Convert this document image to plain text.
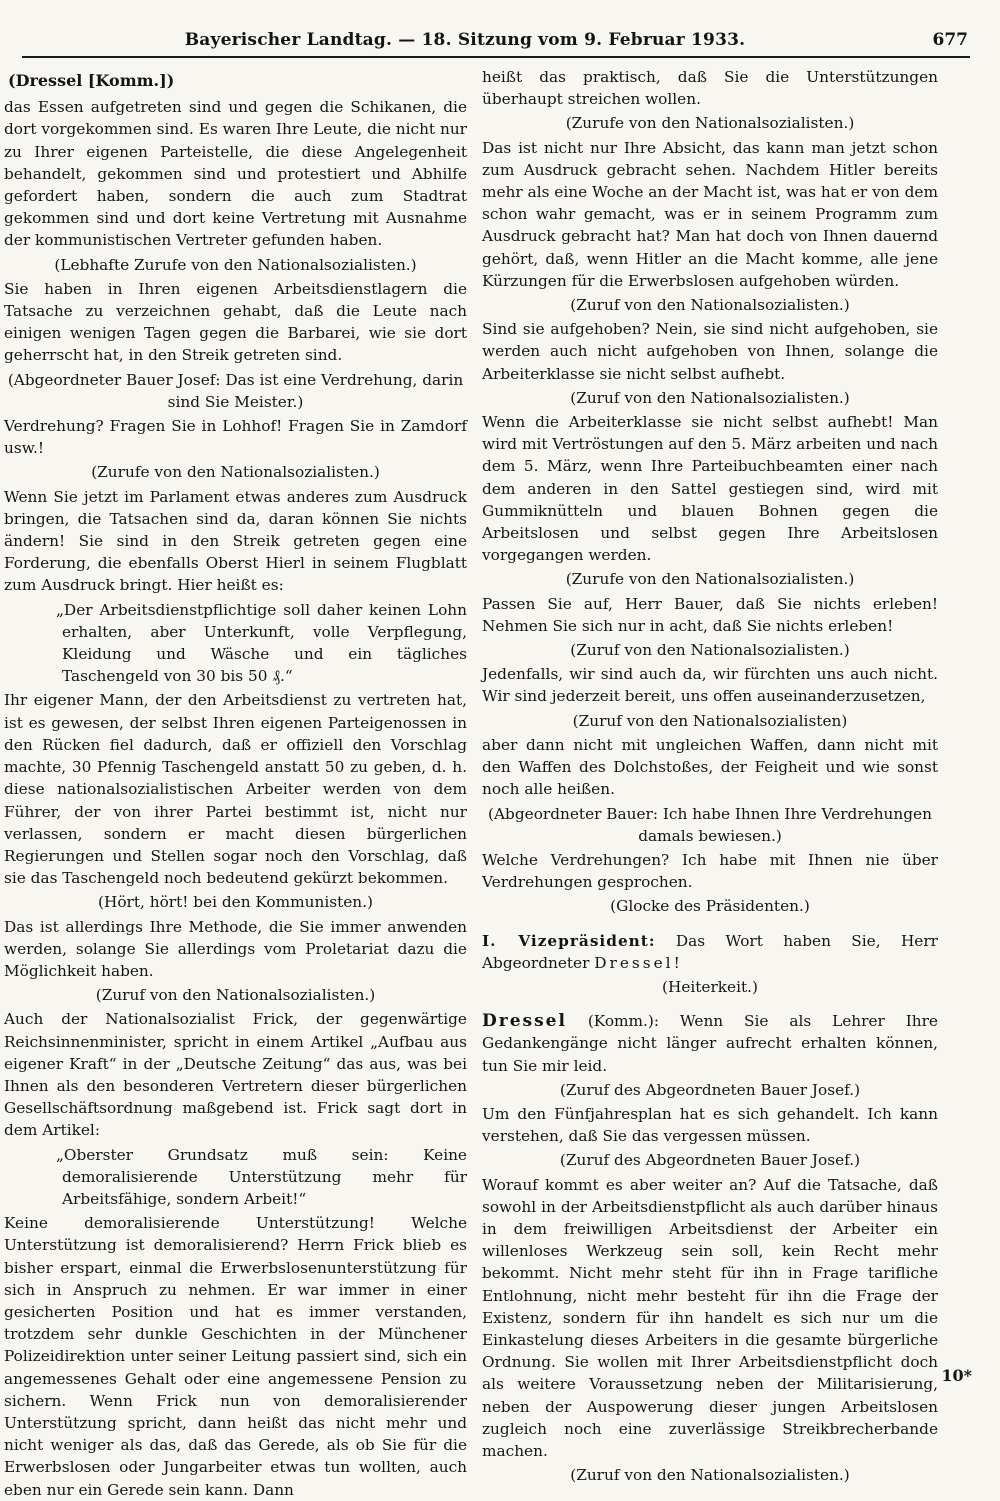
Bayerischer Landtag. — 18. Sitzung vom 9. Februar 1933.	677
(Dressel [Komm.])

das Essen aufgetreten sind und gegen die Schikanen, die dort vorgekommen sind. Es waren Ihre Leute, die nicht nur zu Ihrer eigenen Parteistelle, die diese Angelegenheit behandelt, gekommen sind und protestiert und Abhilfe gefordert haben, sondern die auch zum Stadtrat gekommen sind und dort keine Vertretung mit Ausnahme der kommunistischen Vertreter gefunden haben.

(Lebhafte Zurufe von den Nationalsozialisten.)

Sie haben in Ihren eigenen Arbeitsdienstlagern die Tatsache zu verzeichnen gehabt, daß die Leute nach einigen wenigen Tagen gegen die Barbarei, wie sie dort geherrscht hat, in den Streik getreten sind.

(Abgeordneter Bauer Josef: Das ist eine Verdrehung, darin sind Sie Meister.)

Verdrehung? Fragen Sie in Lohhof! Fragen Sie in Zamdorf usw.!

(Zurufe von den Nationalsozialisten.)

Wenn Sie jetzt im Parlament etwas anderes zum Ausdruck bringen, die Tatsachen sind da, daran können Sie nichts ändern! Sie sind in den Streik getreten gegen eine Forderung, die ebenfalls Oberst Hierl in seinem Flugblatt zum Ausdruck bringt. Hier heißt es:

„Der Arbeitsdienstpflichtige soll daher keinen Lohn erhalten, aber Unterkunft, volle Verpflegung, Kleidung und Wäsche und ein tägliches Taschengeld von 30 bis 50 ₰.“

Ihr eigener Mann, der den Arbeitsdienst zu vertreten hat, ist es gewesen, der selbst Ihren eigenen Parteigenossen in den Rücken fiel dadurch, daß er offiziell den Vorschlag machte, 30 Pfennig Taschengeld anstatt 50 zu geben, d. h. diese nationalsozialistischen Arbeiter werden von dem Führer, der von ihrer Partei bestimmt ist, nicht nur verlassen, sondern er macht diesen bürgerlichen Regierungen und Stellen sogar noch den Vorschlag, daß sie das Taschengeld noch bedeutend gekürzt bekommen.

(Hört, hört! bei den Kommunisten.)

Das ist allerdings Ihre Methode, die Sie immer anwenden werden, solange Sie allerdings vom Proletariat dazu die Möglichkeit haben.

(Zuruf von den Nationalsozialisten.)

Auch der Nationalsozialist Frick, der gegenwärtige Reichsinnenminister, spricht in einem Artikel „Aufbau aus eigener Kraft“ in der „Deutsche Zeitung“ das aus, was bei Ihnen als den besonderen Vertretern dieser bürgerlichen Gesellschäftsordnung maßgebend ist. Frick sagt dort in dem Artikel:

„Oberster Grundsatz muß sein: Keine demoralisierende Unterstützung mehr für Arbeitsfähige, sondern Arbeit!“

Keine demoralisierende Unterstützung! Welche Unterstützung ist demoralisierend? Herrn Frick blieb es bisher erspart, einmal die Erwerbslosenunterstützung für sich in Anspruch zu nehmen. Er war immer in einer gesicherten Position und hat es immer verstanden, trotzdem sehr dunkle Geschichten in der Münchener Polizeidirektion unter seiner Leitung passiert sind, sich ein angemessenes Gehalt oder eine angemessene Pension zu sichern. Wenn Frick nun von demoralisierender Unterstützung spricht, dann heißt das nicht mehr und nicht weniger als das, daß das Gerede, als ob Sie für die Erwerbslosen oder Jungarbeiter etwas tun wollten, auch eben nur ein Gerede sein kann. Dann

heißt das praktisch, daß Sie die Unterstützungen überhaupt streichen wollen.

(Zurufe von den Nationalsozialisten.)

Das ist nicht nur Ihre Absicht, das kann man jetzt schon zum Ausdruck gebracht sehen. Nachdem Hitler bereits mehr als eine Woche an der Macht ist, was hat er von dem schon wahr gemacht, was er in seinem Programm zum Ausdruck gebracht hat? Man hat doch von Ihnen dauernd gehört, daß, wenn Hitler an die Macht komme, alle jene Kürzungen für die Erwerbslosen aufgehoben würden.

(Zuruf von den Nationalsozialisten.)

Sind sie aufgehoben? Nein, sie sind nicht aufgehoben, sie werden auch nicht aufgehoben von Ihnen, solange die Arbeiterklasse sie nicht selbst aufhebt.

(Zuruf von den Nationalsozialisten.)

Wenn die Arbeiterklasse sie nicht selbst aufhebt! Man wird mit Vertröstungen auf den 5. März arbeiten und nach dem 5. März, wenn Ihre Parteibuchbeamten einer nach dem anderen in den Sattel gestiegen sind, wird mit Gummiknütteln und blauen Bohnen gegen die Arbeitslosen und selbst gegen Ihre Arbeitslosen vorgegangen werden.

(Zurufe von den Nationalsozialisten.)

Passen Sie auf, Herr Bauer, daß Sie nichts erleben! Nehmen Sie sich nur in acht, daß Sie nichts erleben!

(Zuruf von den Nationalsozialisten.)

Jedenfalls, wir sind auch da, wir fürchten uns auch nicht. Wir sind jederzeit bereit, uns offen auseinanderzusetzen,

(Zuruf von den Nationalsozialisten)

aber dann nicht mit ungleichen Waffen, dann nicht mit den Waffen des Dolchstoßes, der Feigheit und wie sonst noch alle heißen.

(Abgeordneter Bauer: Ich habe Ihnen Ihre Verdrehungen damals bewiesen.)

Welche Verdrehungen? Ich habe mit Ihnen nie über Verdrehungen gesprochen.

(Glocke des Präsidenten.)

I. Vizepräsident: Das Wort haben Sie, Herr Abgeordneter Dressel!

(Heiterkeit.)

Dressel (Komm.): Wenn Sie als Lehrer Ihre Gedankengänge nicht länger aufrecht erhalten können, tun Sie mir leid.

(Zuruf des Abgeordneten Bauer Josef.)

Um den Fünfjahresplan hat es sich gehandelt. Ich kann verstehen, daß Sie das vergessen müssen.

(Zuruf des Abgeordneten Bauer Josef.)

Worauf kommt es aber weiter an? Auf die Tatsache, daß sowohl in der Arbeitsdienstpflicht als auch darüber hinaus in dem freiwilligen Arbeitsdienst der Arbeiter ein willenloses Werkzeug sein soll, kein Recht mehr bekommt. Nicht mehr steht für ihn in Frage tarifliche Entlohnung, nicht mehr besteht für ihn die Frage der Existenz, sondern für ihn handelt es sich nur um die Einkastelung dieses Arbeiters in die gesamte bürgerliche Ordnung. Sie wollen mit Ihrer Arbeitsdienstpflicht doch als weitere Voraussetzung neben der Militarisierung, neben der Auspowerung dieser jungen Arbeitslosen zugleich noch eine zuverlässige Streikbrecherbande machen.

(Zuruf von den Nationalsozialisten.)

10*
